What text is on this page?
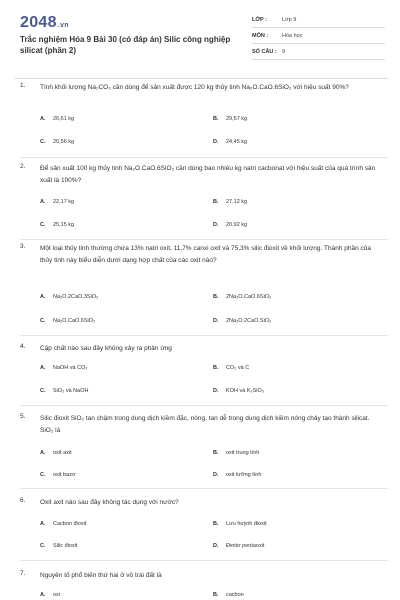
2048.vn
Trắc nghiệm Hóa 9 Bài 30 (có đáp án) Silic công nghiệp silicat (phần 2)
LỚP :	Lớp 9
MÔN :	Hóa học
SỐ CÂU : 9
1. Tính khối lượng Na₂CO₃ cần dùng để sản xuất được 120 kg thủy tinh Na₂O.CaO.6SiO₂ với hiệu suất 90%?
A. 26,61 kg	B. 29,57 kg
C. 20,56 kg	D. 24,45 kg
2. Để sản xuất 100 kg thủy tinh Na₂O.CaO.6SiO₂ cần dùng bao nhiêu kg natri cacbonat với hiệu suất của quá trình sản xuất là 100%?
A. 22,17 kg	B. 27,12 kg
C. 25,15 kg	D. 20,92 kg
3. Một loại thủy tinh thường chứa 13% natri oxit, 11,7% canxi oxit và 75,3% silic đioxit về khối lượng. Thành phần của thủy tinh này biểu diễn dưới dạng hợp chất của các oxit nào?
A. Na₂O.2CaO.3SiO₂	B. 2Na₂O.CaO.6SiO₂
C. Na₂O.CaO.6SiO₂	D. 2Na₂O.2CaO.SiO₂
4. Cặp chất nào sau đây không xảy ra phản ứng
A. NaOH và CO₂	B. CO₂ và C
C. SiO₂ và NaOH	D. KOH và K₂SiO₃
5. Silic đioxit SiO₂ tan chậm trong dung dịch kiềm đặc, nóng, tan dễ trong dung dịch kiềm nóng chảy tạo thành silicat. SiO₂ là
A. oxit axit	B. oxit trung tính
C. oxit bazơ	D. oxit lưỡng tính
6. Oxit axit nào sau đây không tác dụng với nước?
A. Cacbon đioxit	B. Lưu huỳnh đioxit
C. Silic đioxit	D. Đinitơ pentaoxit
7. Nguyên tố phổ biến thứ hai ở vỏ trái đất là
A. oxi	B. cacbon
